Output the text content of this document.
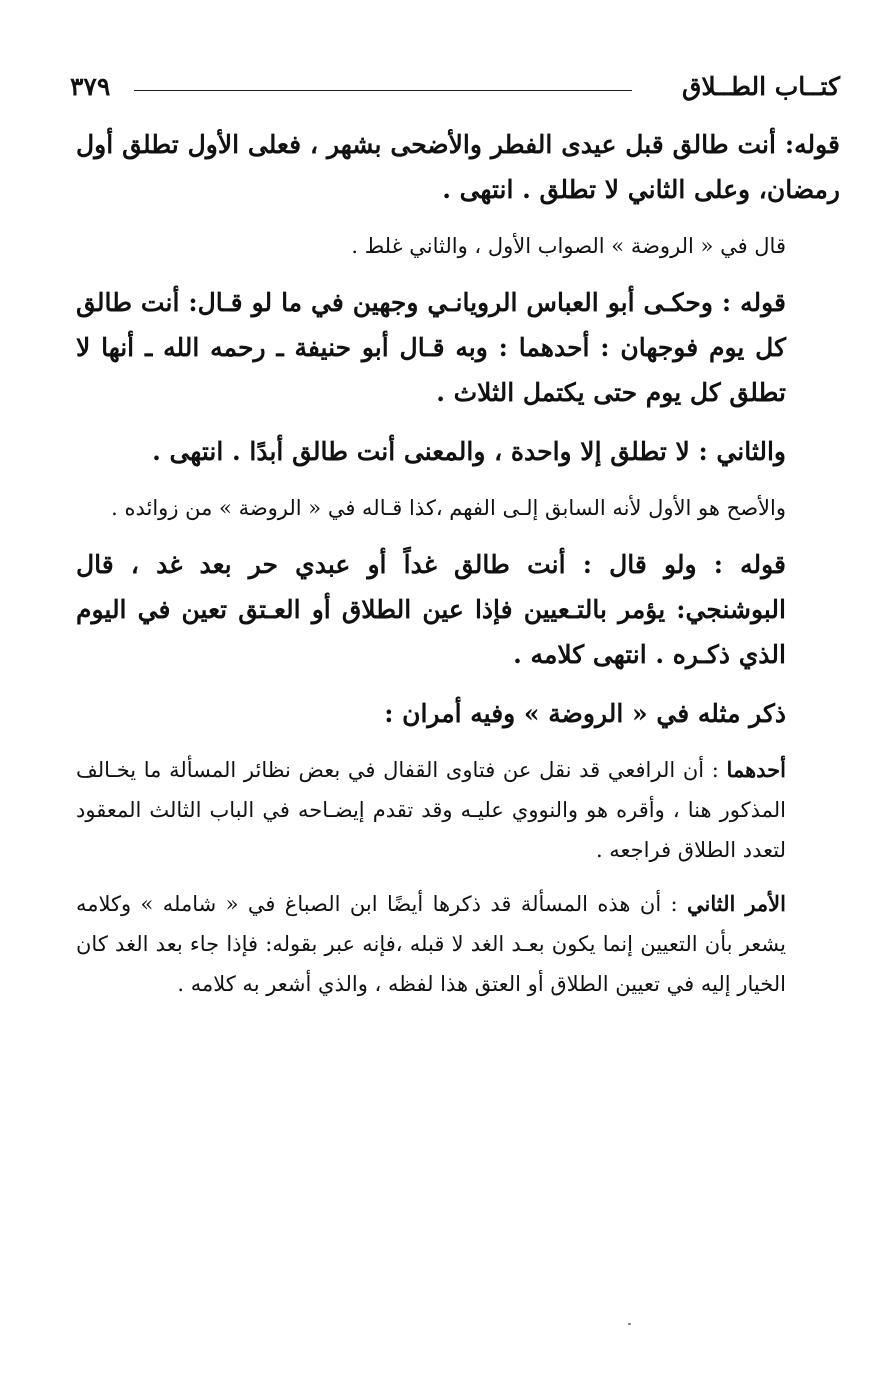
كتــاب الطــلاق
٣٧٩

قوله: أنت طالق قبل عيدى الفطر والأضحى بشهر ، فعلى الأول تطلق أول رمضان، وعلى الثاني لا تطلق . انتهى .

قال في « الروضة » الصواب الأول ، والثاني غلط .

قوله : وحكـى أبو العباس الرويانـي وجهين في ما لو قـال: أنت طالق كل يوم فوجهان : أحدهما : وبه قـال أبو حنيفة ـ رحمه الله ـ أنها لا تطلق كل يوم حتى يكتمل الثلاث .

والثاني : لا تطلق إلا واحدة ، والمعنى أنت طالق أبدًا . انتهى .

والأصح هو الأول لأنه السابق إلـى الفهم ،كذا قـاله في « الروضة » من زوائده .

قوله : ولو قال : أنت طالق غداً أو عبدي حر بعد غد ، قال البوشنجي: يؤمر بالتـعيين فإذا عين الطلاق أو العـتق تعين في اليوم الذي ذكـره . انتهى كلامه .

ذكر مثله في « الروضة » وفيه أمران :

أحدهما : أن الرافعي قد نقل عن فتاوى القفال في بعض نظائر المسألة ما يخـالف المذكور هنا ، وأقره هو والنووي عليـه وقد تقدم إيضـاحه في الباب الثالث المعقود لتعدد الطلاق فراجعه .

الأمر الثاني : أن هذه المسألة قد ذكرها أيضًا ابن الصباغ في « شامله » وكلامه يشعر بأن التعيين إنما يكون بعـد الغد لا قبله ،فإنه عبر بقوله: فإذا جاء بعد الغد كان الخيار إليه في تعيين الطلاق أو العتق هذا لفظه ، والذي أشعر به كلامه .
